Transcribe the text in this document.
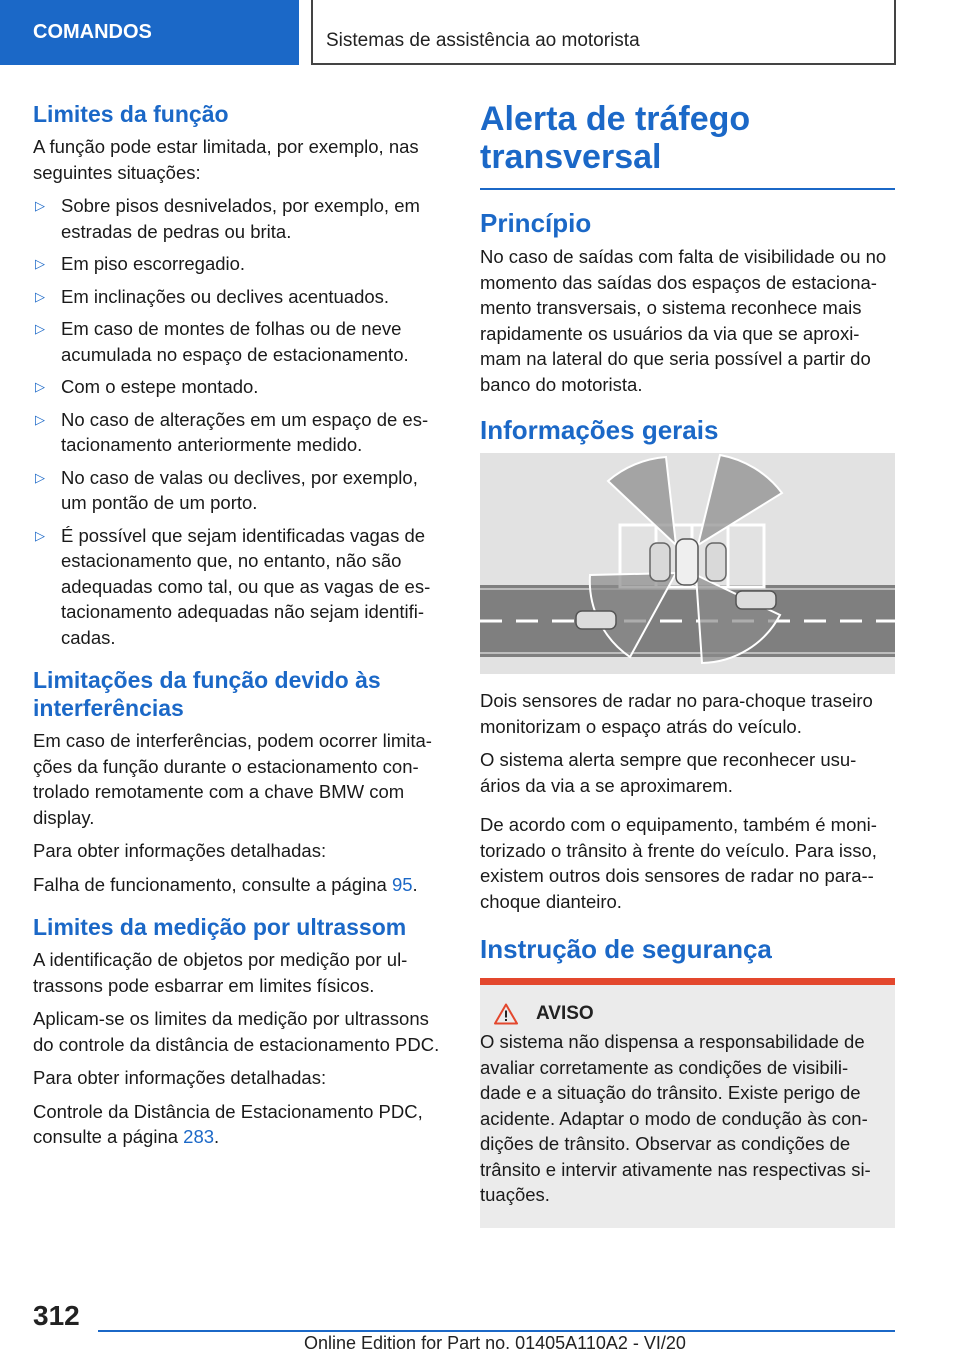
COMANDOS	Sistemas de assistência ao motorista
Limites da função

A função pode estar limitada, por exemplo, nas seguintes situações:

▷ Sobre pisos desnivelados, por exemplo, em estradas de pedras ou brita.
▷ Em piso escorregadio.
▷ Em inclinações ou declives acentuados.
▷ Em caso de montes de folhas ou de neve acumulada no espaço de estacionamento.
▷ Com o estepe montado.
▷ No caso de alterações em um espaço de es-tacionamento anteriormente medido.
▷ No caso de valas ou declives, por exemplo, um pontão de um porto.
▷ É possível que sejam identificadas vagas de estacionamento que, no entanto, não são adequadas como tal, ou que as vagas de es-tacionamento adequadas não sejam identifi-cadas.
Limitações da função devido às interferências

Em caso de interferências, podem ocorrer limita-ções da função durante o estacionamento con-trolado remotamente com a chave BMW com display.

Para obter informações detalhadas:

Falha de funcionamento, consulte a página 95.

Limites da medição por ultrassom

A identificação de objetos por medição por ul-trassons pode esbarrar em limites físicos.

Aplicam-se os limites da medição por ultrassons do controle da distância de estacionamento PDC.

Para obter informações detalhadas:

Controle da Distância de Estacionamento PDC, consulte a página 283.

Alerta de tráfego transversal
Princípio

No caso de saídas com falta de visibilidade ou no momento das saídas dos espaços de estaciona-mento transversais, o sistema reconhece mais rapidamente os usuários da via que se aproxi-mam na lateral do que seria possível a partir do banco do motorista.

Informações gerais

Dois sensores de radar no para-choque traseiro monitorizam o espaço atrás do veículo.

O sistema alerta sempre que reconhecer usu-ários da via a se aproximarem.

De acordo com o equipamento, também é moni-torizado o trânsito à frente do veículo. Para isso, existem outros dois sensores de radar no para--choque dianteiro.

Instrução de segurança
AVISO

O sistema não dispensa a responsabilidade de avaliar corretamente as condições de visibili-dade e a situação do trânsito. Existe perigo de acidente. Adaptar o modo de condução às con-dições de trânsito. Observar as condições de trânsito e intervir ativamente nas respectivas si-tuações.

312
Online Edition for Part no. 01405A110A2 - VI/20
